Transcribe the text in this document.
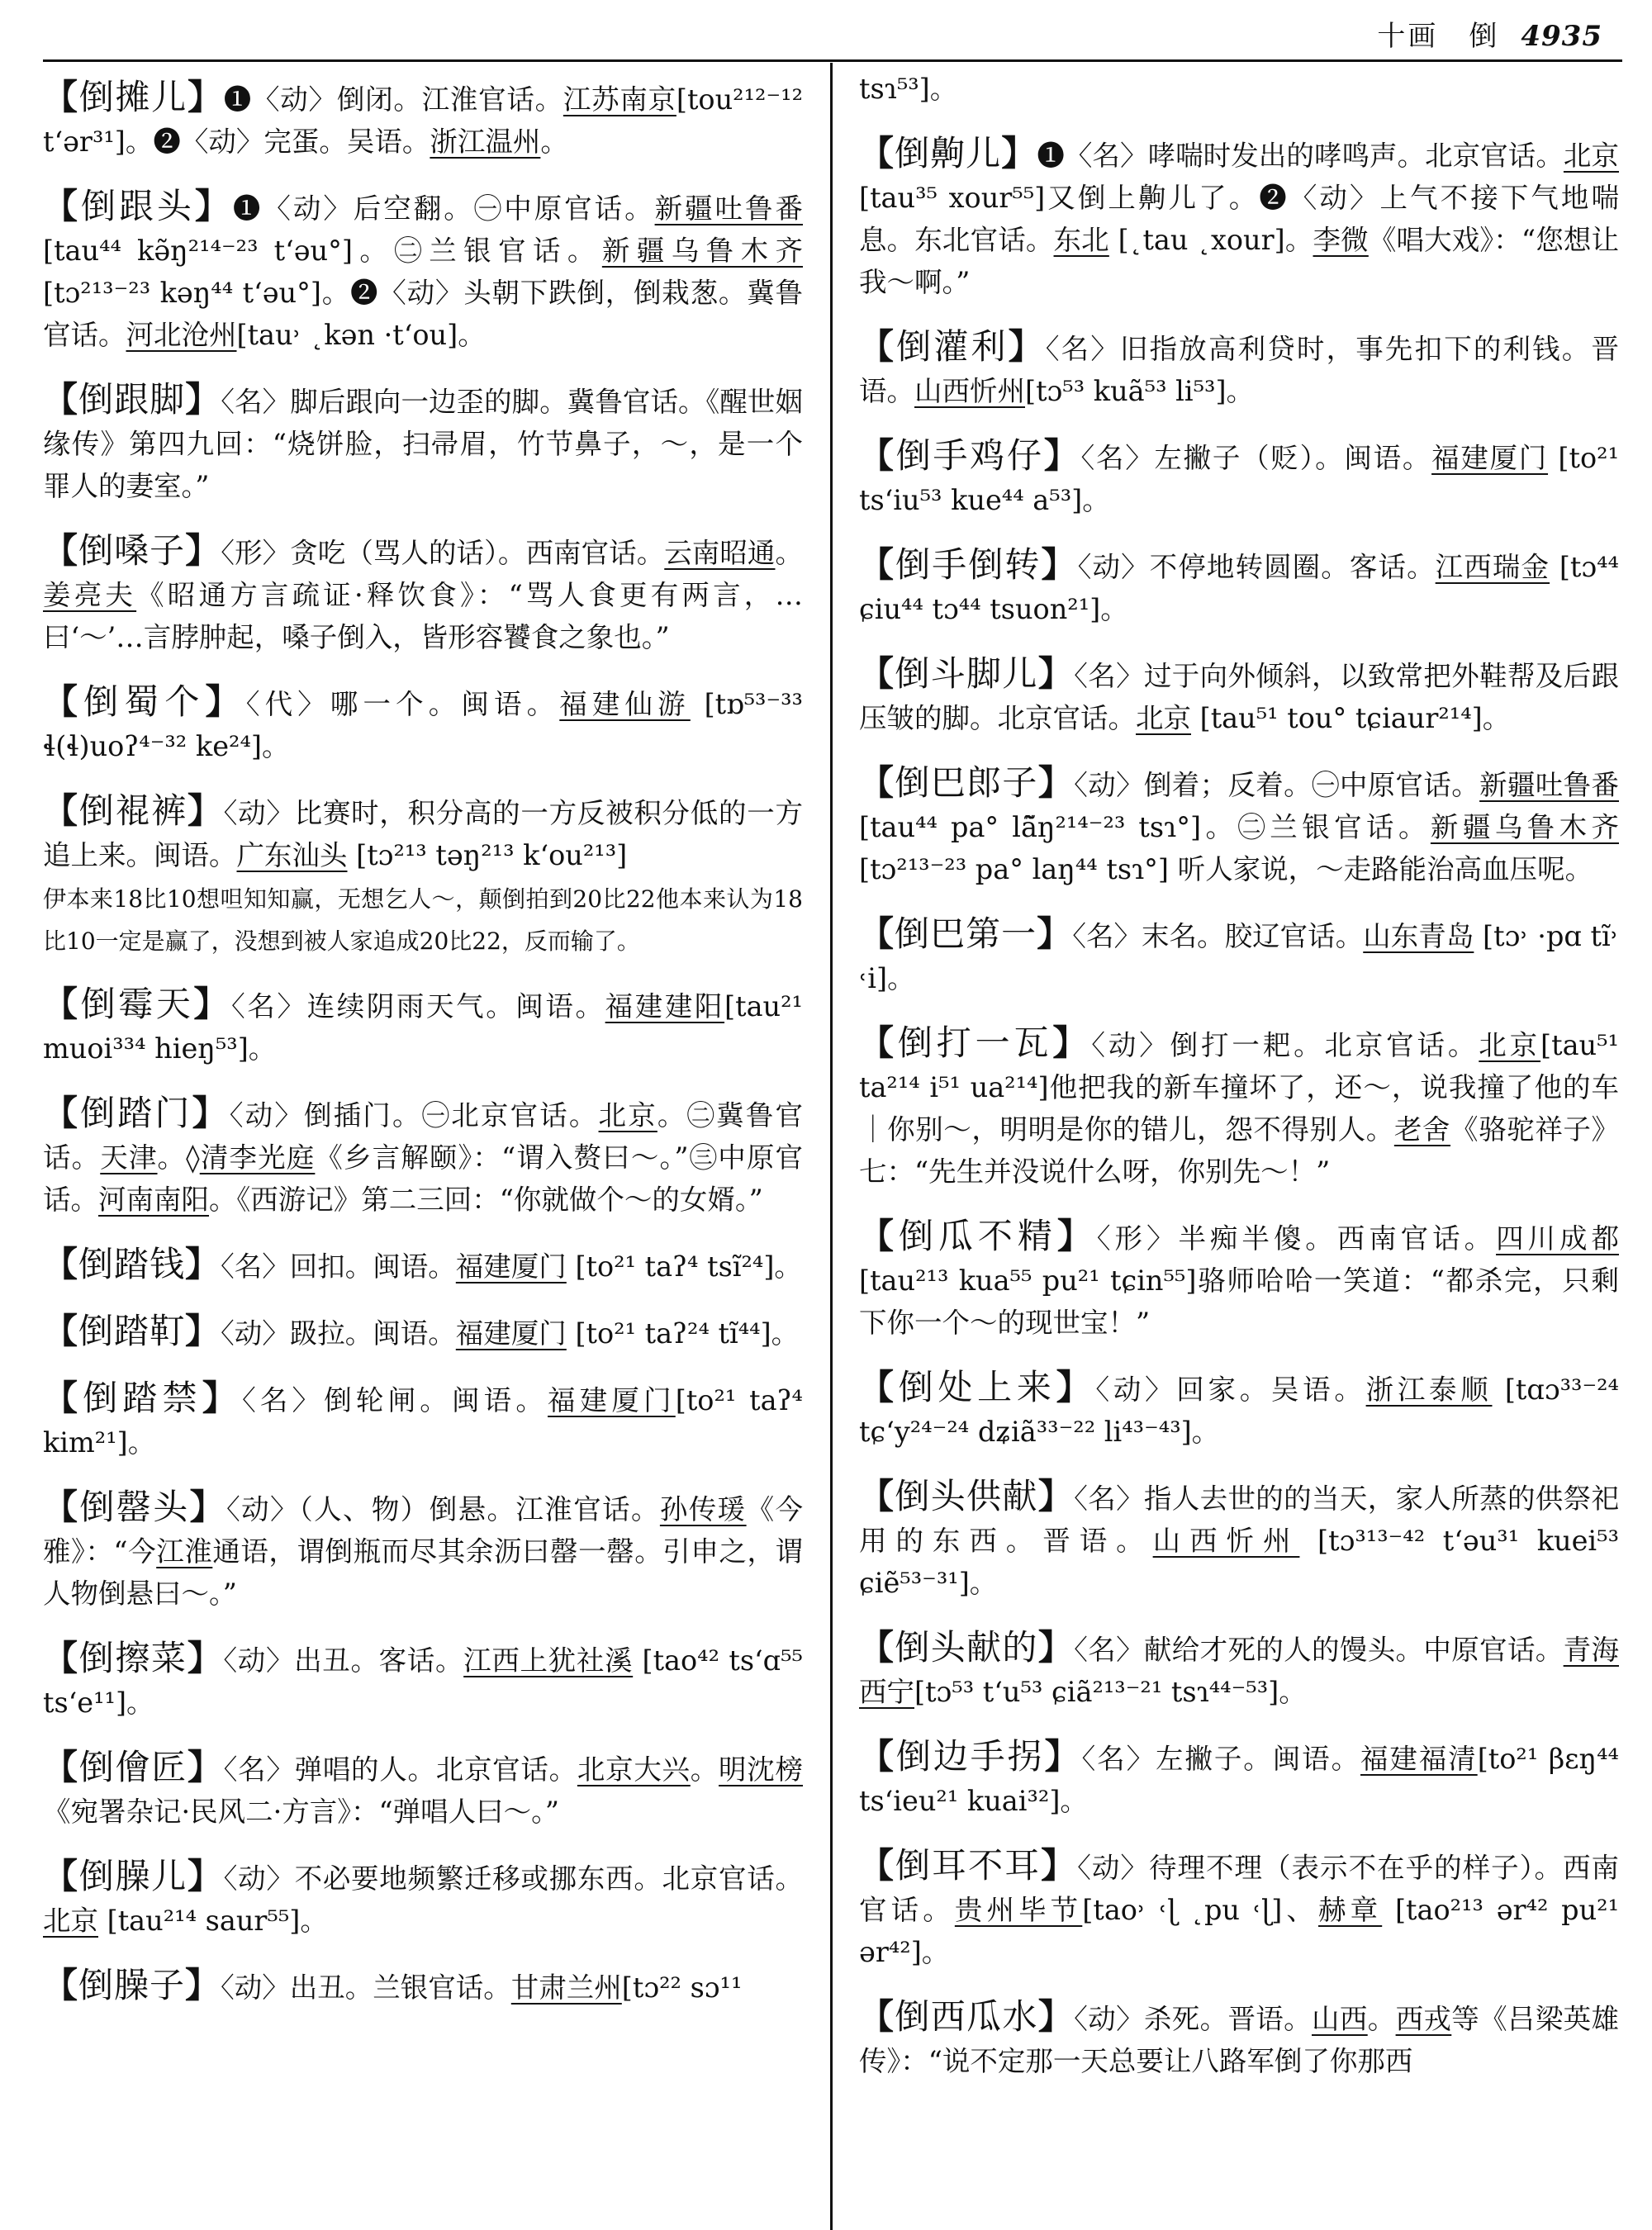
十画　倒 4935
【倒摊儿】❶〈动〉倒闭。江淮官话。江苏南京[tou²¹²⁻¹² tʻər³¹]。❷〈动〉完蛋。吴语。浙江温州。
【倒跟头】❶〈动〉后空翻。㊀中原官话。新疆吐鲁番[tau⁴⁴ kə̃ŋ²¹⁴⁻²³ tʻəu°]。㊁兰银官话。新疆乌鲁木齐[tɔ²¹³⁻²³ kəŋ⁴⁴ tʻəu°]。❷〈动〉头朝下跌倒，倒栽葱。冀鲁官话。河北沧州[tau˒ ˛kən ·tʻou]。
【倒跟脚】〈名〉脚后跟向一边歪的脚。冀鲁官话。《醒世姻缘传》第四九回：“烧饼脸，扫帚眉，竹节鼻子，～，是一个罪人的妻室。”
【倒嗓子】〈形〉贪吃（骂人的话）。西南官话。云南昭通。姜亮夫《昭通方言疏证·释饮食》：“骂人食更有两言，…曰‘～’…言脖肿起，嗓子倒入，皆形容饕食之象也。”
【倒蜀个】〈代〉哪一个。闽语。福建仙游 [tɒ⁵³⁻³³ ɬ(ɬ)uoʔ⁴⁻³² ke²⁴]。
【倒裩裤】〈动〉比赛时，积分高的一方反被积分低的一方追上来。闽语。广东汕头 [tɔ²¹³ təŋ²¹³ kʻou²¹³]
伊本来18比10想呾知知赢，无想乞人～，颠倒拍到20比22他本来认为18比10一定是赢了，没想到被人家追成20比22，反而输了。
【倒霉天】〈名〉连续阴雨天气。闽语。福建建阳[tau²¹ muoi³³⁴ hieŋ⁵³]。
【倒踏门】〈动〉倒插门。㊀北京官话。北京。㊁冀鲁官话。天津。◊清李光庭《乡言解颐》：“谓入赘曰～。”㊂中原官话。河南南阳。《西游记》第二三回：“你就做个～的女婿。”
【倒踏钱】〈名〉回扣。闽语。福建厦门 [to²¹ taʔ⁴ tsĩ²⁴]。
【倒踏靪】〈动〉趿拉。闽语。福建厦门 [to²¹ taʔ²⁴ tĩ⁴⁴]。
【倒踏禁】〈名〉倒轮闸。闽语。福建厦门[to²¹ taʔ⁴ kim²¹]。
【倒罄头】〈动〉（人、物）倒悬。江淮官话。孙传瑗《今雅》：“今江淮通语，谓倒瓶而尽其余沥曰罄一罄。引申之，谓人物倒悬曰～。”
【倒擦菜】〈动〉出丑。客话。江西上犹社溪 [tao⁴² tsʻɑ⁵⁵ tsʻe¹¹]。
【倒儈匠】〈名〉弹唱的人。北京官话。北京大兴。明沈榜《宛署杂记·民风二·方言》：“弹唱人曰～。”
【倒臊儿】〈动〉不必要地频繁迁移或挪东西。北京官话。北京 [tau²¹⁴ saur⁵⁵]。
【倒臊子】〈动〉出丑。兰银官话。甘肃兰州[tɔ²² sɔ¹¹
tsɿ⁵³]。
【倒齁儿】❶〈名〉哮喘时发出的哮鸣声。北京官话。北京 [tau³⁵ xour⁵⁵]又倒上齁儿了。❷〈动〉上气不接下气地喘息。东北官话。东北 [˛tau ˛xour]。李微《唱大戏》：“您想让我～啊。”
【倒灌利】〈名〉旧指放高利贷时，事先扣下的利钱。晋语。山西忻州[tɔ⁵³ kuã⁵³ li⁵³]。
【倒手鸡仔】〈名〉左撇子（贬）。闽语。福建厦门 [to²¹ tsʻiu⁵³ kue⁴⁴ a⁵³]。
【倒手倒转】〈动〉不停地转圆圈。客话。江西瑞金 [tɔ⁴⁴ ɕiu⁴⁴ tɔ⁴⁴ tsuon²¹]。
【倒斗脚儿】〈名〉过于向外倾斜，以致常把外鞋帮及后跟压皱的脚。北京官话。北京 [tau⁵¹ tou° tɕiaur²¹⁴]。
【倒巴郎子】〈动〉倒着；反着。㊀中原官话。新疆吐鲁番[tau⁴⁴ pa° lã̃ŋ²¹⁴⁻²³ tsɿ°]。㊁兰银官话。新疆乌鲁木齐[tɔ²¹³⁻²³ pa° laŋ⁴⁴ tsɿ°] 听人家说，～走路能治高血压呢。
【倒巴第一】〈名〉末名。胶辽官话。山东青岛 [tɔ˒ ·pɑ tĩ˒ ˓i]。
【倒打一瓦】〈动〉倒打一耙。北京官话。北京[tau⁵¹ ta²¹⁴ i⁵¹ ua²¹⁴]他把我的新车撞坏了，还～，说我撞了他的车｜你别～，明明是你的错儿，怨不得别人。老舍《骆驼祥子》七：“先生并没说什么呀，你别先～！”
【倒瓜不精】〈形〉半痴半傻。西南官话。四川成都 [tau²¹³ kua⁵⁵ pu²¹ tɕin⁵⁵]骆师哈哈一笑道：“都杀完，只剩下你一个～的现世宝！”
【倒处上来】〈动〉回家。吴语。浙江泰顺 [tɑɔ³³⁻²⁴ tɕʻy²⁴⁻²⁴ dʑiã³³⁻²² li⁴³⁻⁴³]。
【倒头供献】〈名〉指人去世的的当天，家人所蒸的供祭祀用的东西。晋语。山西忻州 [tɔ³¹³⁻⁴² tʻəu³¹ kuei⁵³ ɕiẽ⁵³⁻³¹]。
【倒头献的】〈名〉献给才死的人的馒头。中原官话。青海西宁[tɔ⁵³ tʻu⁵³ ɕiã²¹³⁻²¹ tsɿ⁴⁴⁻⁵³]。
【倒边手拐】〈名〉左撇子。闽语。福建福清[to²¹ βɛŋ⁴⁴ tsʻieu²¹ kuai³²]。
【倒耳不耳】〈动〉待理不理（表示不在乎的样子）。西南官话。贵州毕节[tao˒ ˓ɭ ˛pu ˓ɭ]、赫章 [tao²¹³ ər⁴² pu²¹ ər⁴²]。
【倒西瓜水】〈动〉杀死。晋语。山西。西戎等《吕梁英雄传》：“说不定那一天总要让八路军倒了你那西
